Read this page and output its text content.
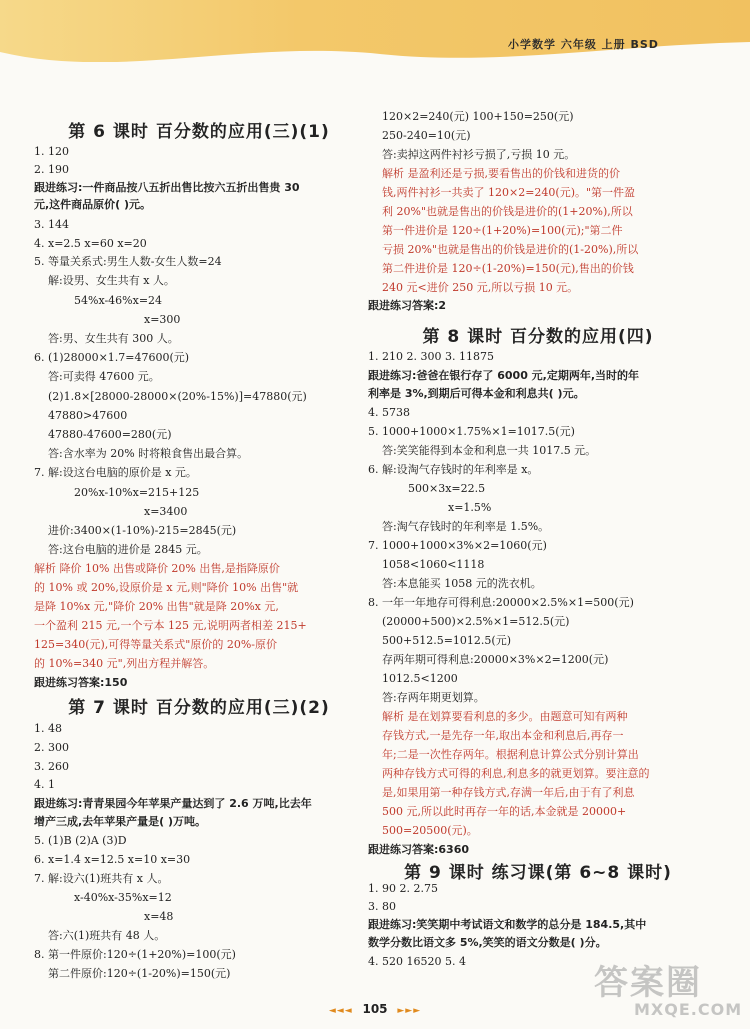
小学数学 六年级 上册 BSD
第 6 课时 百分数的应用(三)(1)
1. 120
2. 190
跟进练习:一件商品按八五折出售比按六五折出售贵 30
元,这件商品原价( )元。
3. 144
4. x=2.5 x=60 x=20
5. 等量关系式:男生人数-女生人数=24
解:设男、女生共有 x 人。
54%x-46%x=24
x=300
答:男、女生共有 300 人。
6. (1)28000×1.7=47600(元)
答:可卖得 47600 元。
(2)1.8×[28000-28000×(20%-15%)]=47880(元)
47880>47600
47880-47600=280(元)
答:含水率为 20% 时将粮食售出最合算。
7. 解:设这台电脑的原价是 x 元。
20%x-10%x=215+125
x=3400
进价:3400×(1-10%)-215=2845(元)
答:这台电脑的进价是 2845 元。
解析 降价 10% 出售或降价 20% 出售,是指降原价
的 10% 或 20%,设原价是 x 元,则"降价 10% 出售"就
是降 10%x 元,"降价 20% 出售"就是降 20%x 元,
一个盈利 215 元,一个亏本 125 元,说明两者相差 215+
125=340(元),可得等量关系式"原价的 20%-原价
的 10%=340 元",列出方程并解答。
跟进练习答案:150
第 7 课时 百分数的应用(三)(2)
1. 48
2. 300
3. 260
4. 1
跟进练习:青青果园今年苹果产量达到了 2.6 万吨,比去年
增产三成,去年苹果产量是( )万吨。
5. (1)B (2)A (3)D
6. x=1.4 x=12.5 x=10 x=30
7. 解:设六(1)班共有 x 人。
x-40%x-35%x=12
x=48
答:六(1)班共有 48 人。
8. 第一件原价:120÷(1+20%)=100(元)
第二件原价:120÷(1-20%)=150(元)
120×2=240(元) 100+150=250(元)
250-240=10(元)
答:卖掉这两件衬衫亏损了,亏损 10 元。
解析 是盈利还是亏损,要看售出的价钱和进货的价
钱,两件衬衫一共卖了 120×2=240(元)。"第一件盈
利 20%"也就是售出的价钱是进价的(1+20%),所以
第一件进价是 120÷(1+20%)=100(元);"第二件
亏损 20%"也就是售出的价钱是进价的(1-20%),所以
第二件进价是 120÷(1-20%)=150(元),售出的价钱
240 元<进价 250 元,所以亏损 10 元。
跟进练习答案:2
第 8 课时 百分数的应用(四)
1. 210 2. 300 3. 11875
跟进练习:爸爸在银行存了 6000 元,定期两年,当时的年
利率是 3%,到期后可得本金和利息共( )元。
4. 5738
5. 1000+1000×1.75%×1=1017.5(元)
答:笑笑能得到本金和利息一共 1017.5 元。
6. 解:设淘气存钱时的年利率是 x。
500×3x=22.5
x=1.5%
答:淘气存钱时的年利率是 1.5%。
7. 1000+1000×3%×2=1060(元)
1058<1060<1118
答:本息能买 1058 元的洗衣机。
8. 一年一年地存可得利息:20000×2.5%×1=500(元)
(20000+500)×2.5%×1=512.5(元)
500+512.5=1012.5(元)
存两年期可得利息:20000×3%×2=1200(元)
1012.5<1200
答:存两年期更划算。
解析 是在划算要看利息的多少。由题意可知有两种
存钱方式,一是先存一年,取出本金和利息后,再存一
年;二是一次性存两年。根据利息计算公式分别计算出
两种存钱方式可得的利息,利息多的就更划算。要注意的
是,如果用第一种存钱方式,存满一年后,由于有了利息
500 元,所以此时再存一年的话,本金就是 20000+
500=20500(元)。
跟进练习答案:6360
第 9 课时 练习课(第 6~8 课时)
1. 90 2. 2.75
3. 80
跟进练习:笑笑期中考试语文和数学的总分是 184.5,其中
数学分数比语文多 5%,笑笑的语文分数是( )分。
4. 520 16520 5. 4
◄◄◄ 105 ►►►
答案圈
MXQE.COM
